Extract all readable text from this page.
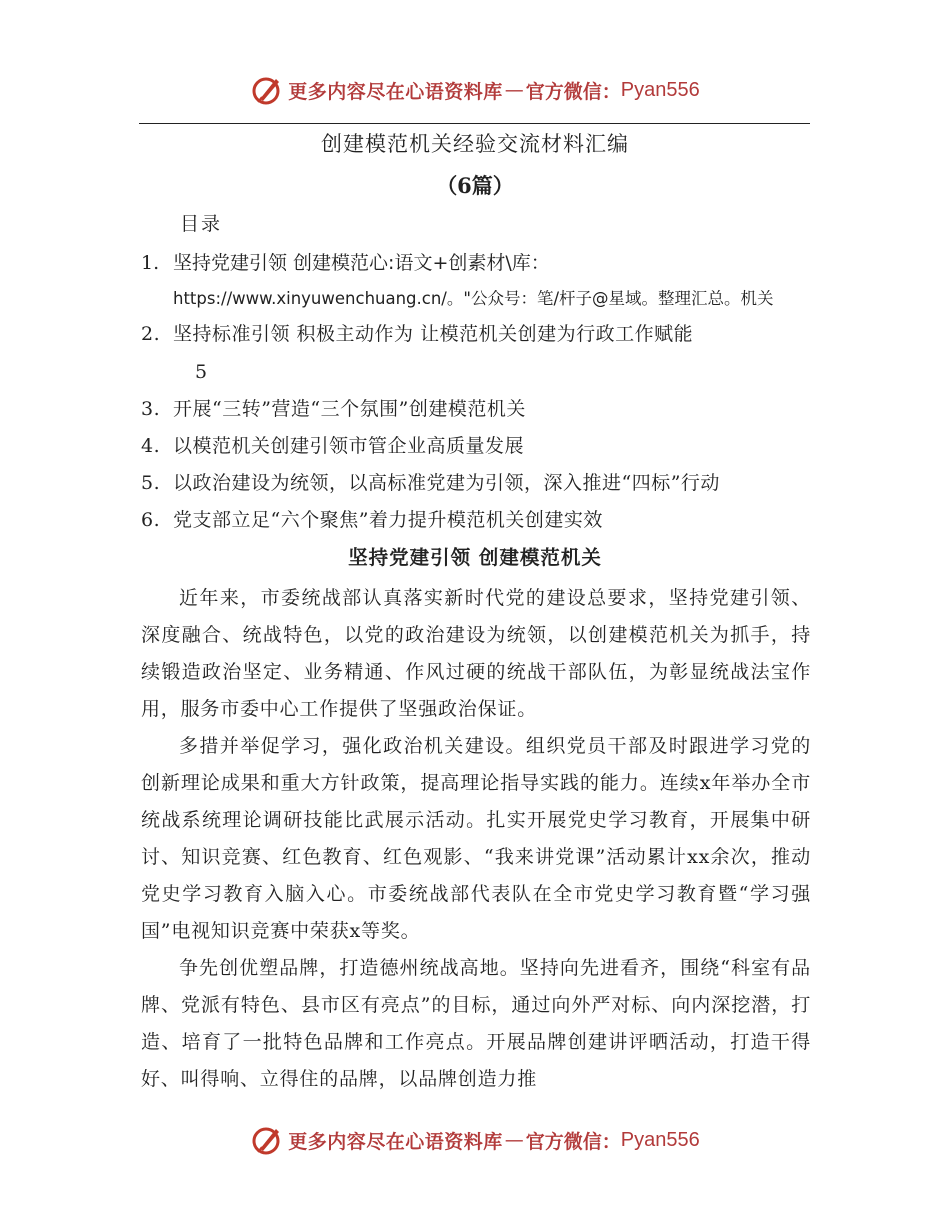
更多内容尽在心语资料库 — 官方微信： Pyan556
创建模范机关经验交流材料汇编
（6篇）
目录
1. 坚持党建引领 创建模范心:语文+创素材\库：
https://www.xinyuwenchuang.cn/。"公众号：笔/杆子@星域。整理汇总。机关
2. 坚持标准引领 积极主动作为 让模范机关创建为行政工作赋能
5
3. 开展“三转”营造“三个氛围”创建模范机关
4. 以模范机关创建引领市管企业高质量发展
5. 以政治建设为统领，以高标准党建为引领，深入推进“四标”行动
6. 党支部立足“六个聚焦”着力提升模范机关创建实效
坚持党建引领 创建模范机关

近年来，市委统战部认真落实新时代党的建设总要求，坚持党建引领、深度融合、统战特色，以党的政治建设为统领，以创建模范机关为抓手，持续锻造政治坚定、业务精通、作风过硬的统战干部队伍，为彰显统战法宝作用，服务市委中心工作提供了坚强政治保证。

多措并举促学习，强化政治机关建设。组织党员干部及时跟进学习党的创新理论成果和重大方针政策，提高理论指导实践的能力。连续x年举办全市统战系统理论调研技能比武展示活动。扎实开展党史学习教育，开展集中研讨、知识竞赛、红色教育、红色观影、“我来讲党课”活动累计xx余次，推动党史学习教育入脑入心。市委统战部代表队在全市党史学习教育暨“学习强国”电视知识竞赛中荣获x等奖。

争先创优塑品牌，打造德州统战高地。坚持向先进看齐，围绕“科室有品牌、党派有特色、县市区有亮点”的目标，通过向外严对标、向内深挖潜，打造、培育了一批特色品牌和工作亮点。开展品牌创建讲评晒活动，打造干得好、叫得响、立得住的品牌，以品牌创造力推

更多内容尽在心语资料库 — 官方微信： Pyan556
